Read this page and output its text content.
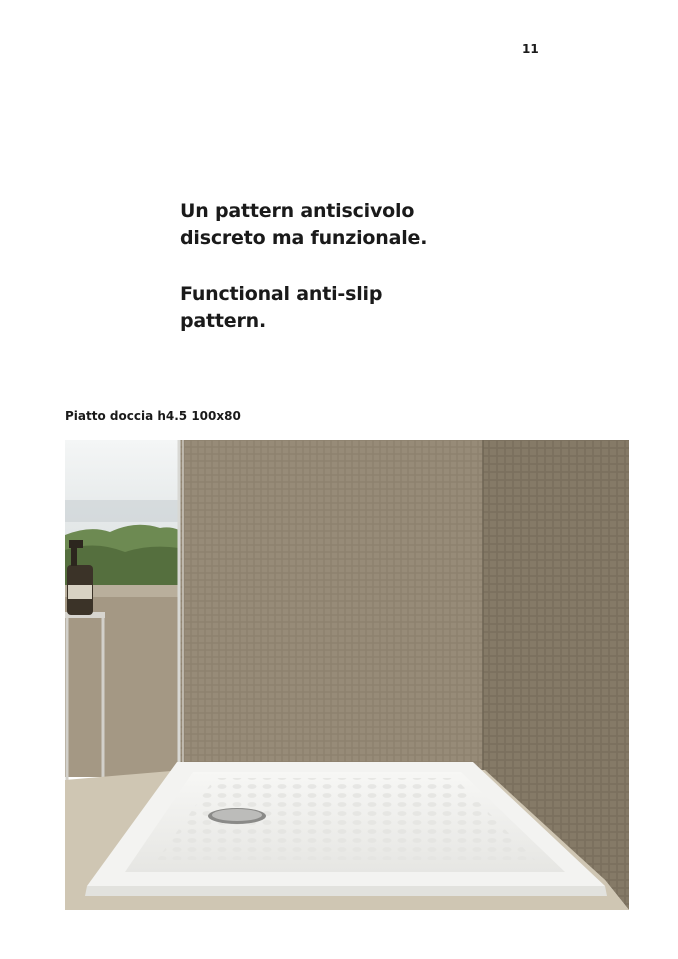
11
Un pattern antiscivolo
discreto ma funzionale.
Functional anti-slip
pattern.

Piatto doccia h4.5 100x80
